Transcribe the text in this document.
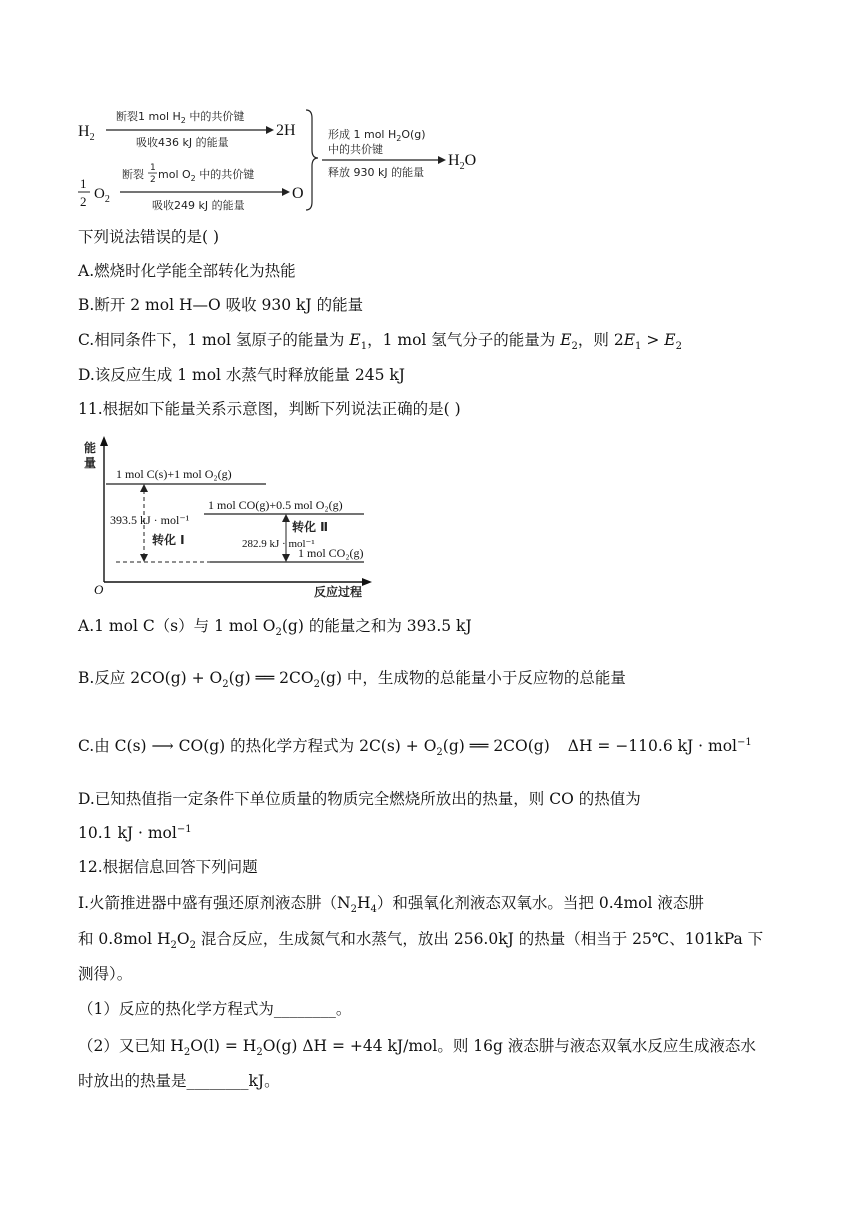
$H_2$
断裂1 mol $H_2$ 中的共价键
吸收436 kJ 的能量
2H
1
2 $O_2$
断裂 1
2 mol $O_2$ 中的共价键
吸收249 kJ 的能量
O
形成 1 mol $H_2O(g)$
中的共价键
释放 930 kJ 的能量
$H_2O$
下列说法错误的是( )
A.燃烧时化学能全部转化为热能
B.断开 2 mol H—O 吸收 930 kJ 的能量
C.相同条件下，1 mol 氢原子的能量为 $E_1$，1 mol 氢气分子的能量为 $E_2$，则 $2E_1 > E_2$
D.该反应生成 1 mol 水蒸气时释放能量 245 kJ
11.根据如下能量关系示意图，判断下列说法正确的是( )
能
量
O	反应过程
1 mol C(s)+1 mol O₂(g)
1 mol CO(g)+0.5 mol O₂(g)
1 mol CO₂(g)
393.5 kJ · mol⁻¹
转化 Ⅰ
转化 Ⅱ
282.9 kJ · mol⁻¹
A.1 mol C（s）与 1 mol $O_2(g)$ 的能量之和为 393.5 kJ
B.反应 $2CO(g) + O_2(g)$ ══ $2CO_2(g)$ 中，生成物的总能量小于反应物的总能量
C.由 C(s) ⟶ CO(g) 的热化学方程式为 $2C(s) + O_2(g)$ ══ 2CO(g) ΔH = −110.6 kJ · mol$^{-1}$
D.已知热值指一定条件下单位质量的物质完全燃烧所放出的热量，则 CO 的热值为
10.1 kJ · mol$^{-1}$
12.根据信息回答下列问题
Ⅰ.火箭推进器中盛有强还原剂液态肼$(N_2H_4)$和强氧化剂液态双氧水。当把 0.4mol 液态肼
和 0.8mol $H_2O_2$ 混合反应，生成氮气和水蒸气，放出 256.0kJ 的热量（相当于 25℃、101kPa 下
测得）。
（1）反应的热化学方程式为________。
（2）又已知 $H_2O(l) = H_2O(g) \Delta H = +44$ kJ/mol。则 16g 液态肼与液态双氧水反应生成液态水
时放出的热量是________kJ。
